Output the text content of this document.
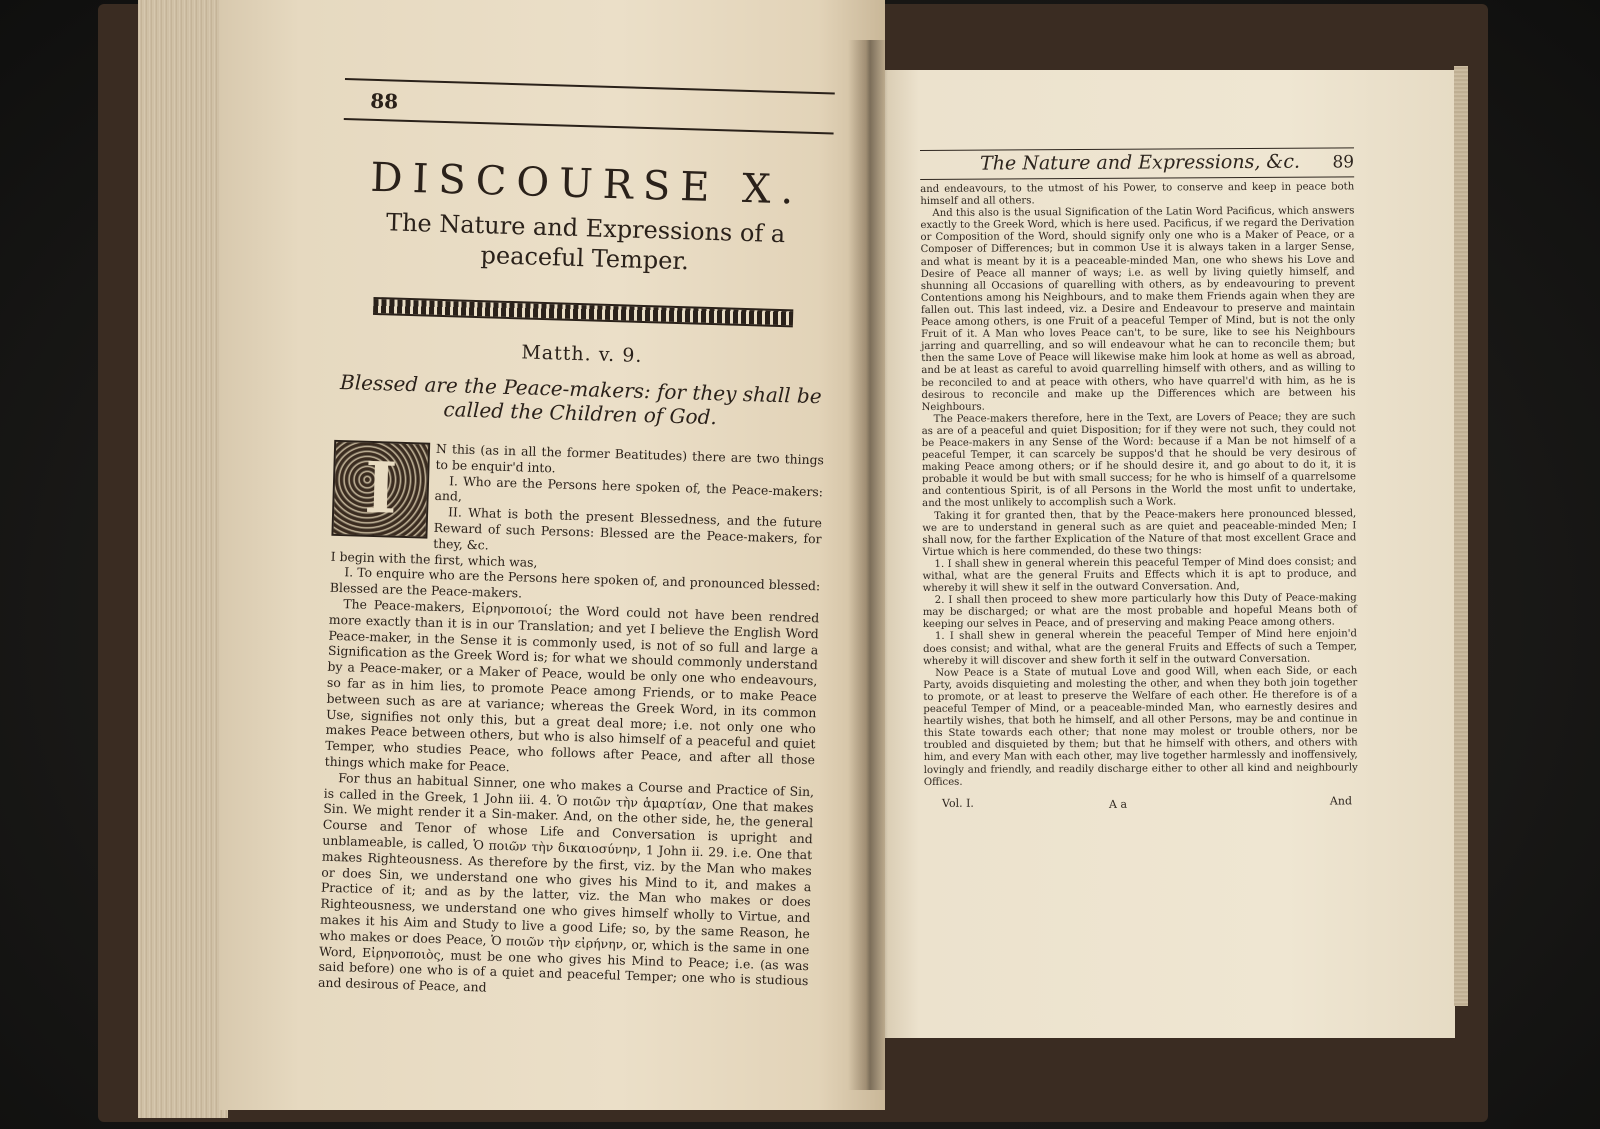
88
DISCOURSE X.
The Nature and Expressions of a peaceful Temper.
Matth. v. 9.
Blessed are the Peace-makers: for they shall be called the Children of God.
I	N this (as in all the former Beatitudes) there are two things to be enquir'd into.

I. Who are the Persons here spoken of, the Peace-makers: and,

II. What is both the present Blessedness, and the future Reward of such Persons: Blessed are the Peace-makers, for they, &c.

I begin with the first, which was,

I. To enquire who are the Persons here spoken of, and pronounced blessed: Blessed are the Peace-makers.

The Peace-makers, Εἰρηνοποιοί; the Word could not have been rendred more exactly than it is in our Translation; and yet I believe the English Word Peace-maker, in the Sense it is commonly used, is not of so full and large a Signification as the Greek Word is; for what we should commonly understand by a Peace-maker, or a Maker of Peace, would be only one who endeavours, so far as in him lies, to promote Peace among Friends, or to make Peace between such as are at variance; whereas the Greek Word, in its common Use, signifies not only this, but a great deal more; i.e. not only one who makes Peace between others, but who is also himself of a peaceful and quiet Temper, who studies Peace, who follows after Peace, and after all those things which make for Peace.

For thus an habitual Sinner, one who makes a Course and Practice of Sin, is called in the Greek, 1 John iii. 4. Ὁ ποιῶν τὴν ἁμαρτίαν, One that makes Sin. We might render it a Sin-maker. And, on the other side, he, the general Course and Tenor of whose Life and Conversation is upright and unblameable, is called, Ὁ ποιῶν τὴν δικαιοσύνην, 1 John ii. 29. i.e. One that makes Righteousness. As therefore by the first, viz. by the Man who makes or does Sin, we understand one who gives his Mind to it, and makes a Practice of it; and as by the latter, viz. the Man who makes or does Righteousness, we understand one who gives himself wholly to Virtue, and makes it his Aim and Study to live a good Life; so, by the same Reason, he who makes or does Peace, Ὁ ποιῶν τὴν εἰρήνην, or, which is the same in one Word, Εἰρηνοποιὸς, must be one who gives his Mind to Peace; i.e. (as was said before) one who is of a quiet and peaceful Temper; one who is studious and desirous of Peace, and

The Nature and Expressions, &c. 89

and endeavours, to the utmost of his Power, to conserve and keep in peace both himself and all others.

And this also is the usual Signification of the Latin Word Pacificus, which answers exactly to the Greek Word, which is here used. Pacificus, if we regard the Derivation or Composition of the Word, should signify only one who is a Maker of Peace, or a Composer of Differences; but in common Use it is always taken in a larger Sense, and what is meant by it is a peaceable-minded Man, one who shews his Love and Desire of Peace all manner of ways; i.e. as well by living quietly himself, and shunning all Occasions of quarelling with others, as by endeavouring to prevent Contentions among his Neighbours, and to make them Friends again when they are fallen out. This last indeed, viz. a Desire and Endeavour to preserve and maintain Peace among others, is one Fruit of a peaceful Temper of Mind, but is not the only Fruit of it. A Man who loves Peace can't, to be sure, like to see his Neighbours jarring and quarrelling, and so will endeavour what he can to reconcile them; but then the same Love of Peace will likewise make him look at home as well as abroad, and be at least as careful to avoid quarrelling himself with others, and as willing to be reconciled to and at peace with others, who have quarrel'd with him, as he is desirous to reconcile and make up the Differences which are between his Neighbours.

The Peace-makers therefore, here in the Text, are Lovers of Peace; they are such as are of a peaceful and quiet Disposition; for if they were not such, they could not be Peace-makers in any Sense of the Word: because if a Man be not himself of a peaceful Temper, it can scarcely be suppos'd that he should be very desirous of making Peace among others; or if he should desire it, and go about to do it, it is probable it would be but with small success; for he who is himself of a quarrelsome and contentious Spirit, is of all Persons in the World the most unfit to undertake, and the most unlikely to accomplish such a Work.

Taking it for granted then, that by the Peace-makers here pronounced blessed, we are to understand in general such as are quiet and peaceable-minded Men; I shall now, for the farther Explication of the Nature of that most excellent Grace and Virtue which is here commended, do these two things:

1. I shall shew in general wherein this peaceful Temper of Mind does consist; and withal, what are the general Fruits and Effects which it is apt to produce, and whereby it will shew it self in the outward Conversation. And,

2. I shall then proceed to shew more particularly how this Duty of Peace-making may be discharged; or what are the most probable and hopeful Means both of keeping our selves in Peace, and of preserving and making Peace among others.

1. I shall shew in general wherein the peaceful Temper of Mind here enjoin'd does consist; and withal, what are the general Fruits and Effects of such a Temper, whereby it will discover and shew forth it self in the outward Conversation.

Now Peace is a State of mutual Love and good Will, when each Side, or each Party, avoids disquieting and molesting the other, and when they both join together to promote, or at least to preserve the Welfare of each other. He therefore is of a peaceful Temper of Mind, or a peaceable-minded Man, who earnestly desires and heartily wishes, that both he himself, and all other Persons, may be and continue in this State towards each other; that none may molest or trouble others, nor be troubled and disquieted by them; but that he himself with others, and others with him, and every Man with each other, may live together harmlessly and inoffensively, lovingly and friendly, and readily discharge either to other all kind and neighbourly Offices.

Vol. I.	A a	And
